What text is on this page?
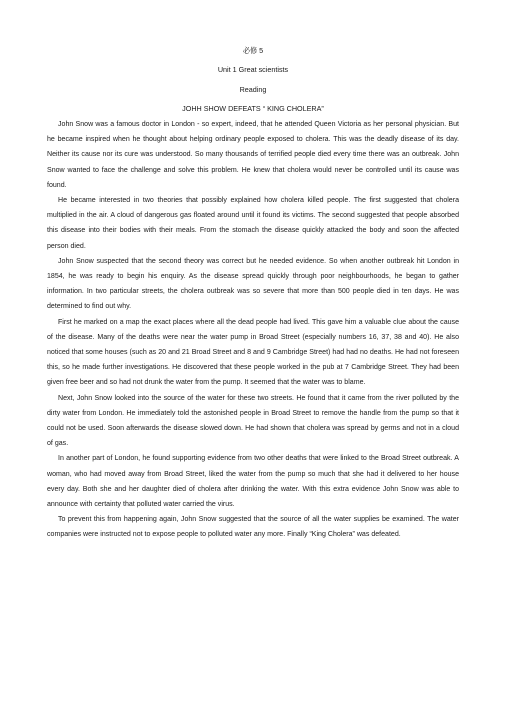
必修 5
Unit 1 Great scientists
Reading
JOHH SHOW DEFEATS “ KING CHOLERA”

John Snow was a famous doctor in London - so expert, indeed, that he attended Queen Victoria as her personal physician. But he became inspired when he thought about helping ordinary people exposed to cholera. This was the deadly disease of its day. Neither its cause nor its cure was understood. So many thousands of terrified people died every time there was an outbreak. John Snow wanted to face the challenge and solve this problem. He knew that cholera would never be controlled until its cause was found.

He became interested in two theories that possibly explained how cholera killed people. The first suggested that cholera multiplied in the air. A cloud of dangerous gas floated around until it found its victims. The second suggested that people absorbed this disease into their bodies with their meals. From the stomach the disease quickly attacked the body and soon the affected person died.

John Snow suspected that the second theory was correct but he needed evidence. So when another outbreak hit London in 1854, he was ready to begin his enquiry. As the disease spread quickly through poor neighbourhoods, he began to gather information. In two particular streets, the cholera outbreak was so severe that more than 500 people died in ten days. He was determined to find out why.

First he marked on a map the exact places where all the dead people had lived. This gave him a valuable clue about the cause of the disease. Many of the deaths were near the water pump in Broad Street (especially numbers 16, 37, 38 and 40). He also noticed that some houses (such as 20 and 21 Broad Street and 8 and 9 Cambridge Street) had had no deaths. He had not foreseen this, so he made further investigations. He discovered that these people worked in the pub at 7 Cambridge Street. They had been given free beer and so had not drunk the water from the pump. It seemed that the water was to blame.

Next, John Snow looked into the source of the water for these two streets. He found that it came from the river polluted by the dirty water from London. He immediately told the astonished people in Broad Street to remove the handle from the pump so that it could not be used. Soon afterwards the disease slowed down. He had shown that cholera was spread by germs and not in a cloud of gas.

In another part of London, he found supporting evidence from two other deaths that were linked to the Broad Street outbreak. A woman, who had moved away from Broad Street, liked the water from the pump so much that she had it delivered to her house every day. Both she and her daughter died of cholera after drinking the water. With this extra evidence John Snow was able to announce with certainty that polluted water carried the virus.

To prevent this from happening again, John Snow suggested that the source of all the water supplies be examined. The water companies were instructed not to expose people to polluted water any more. Finally “King Cholera” was defeated.
